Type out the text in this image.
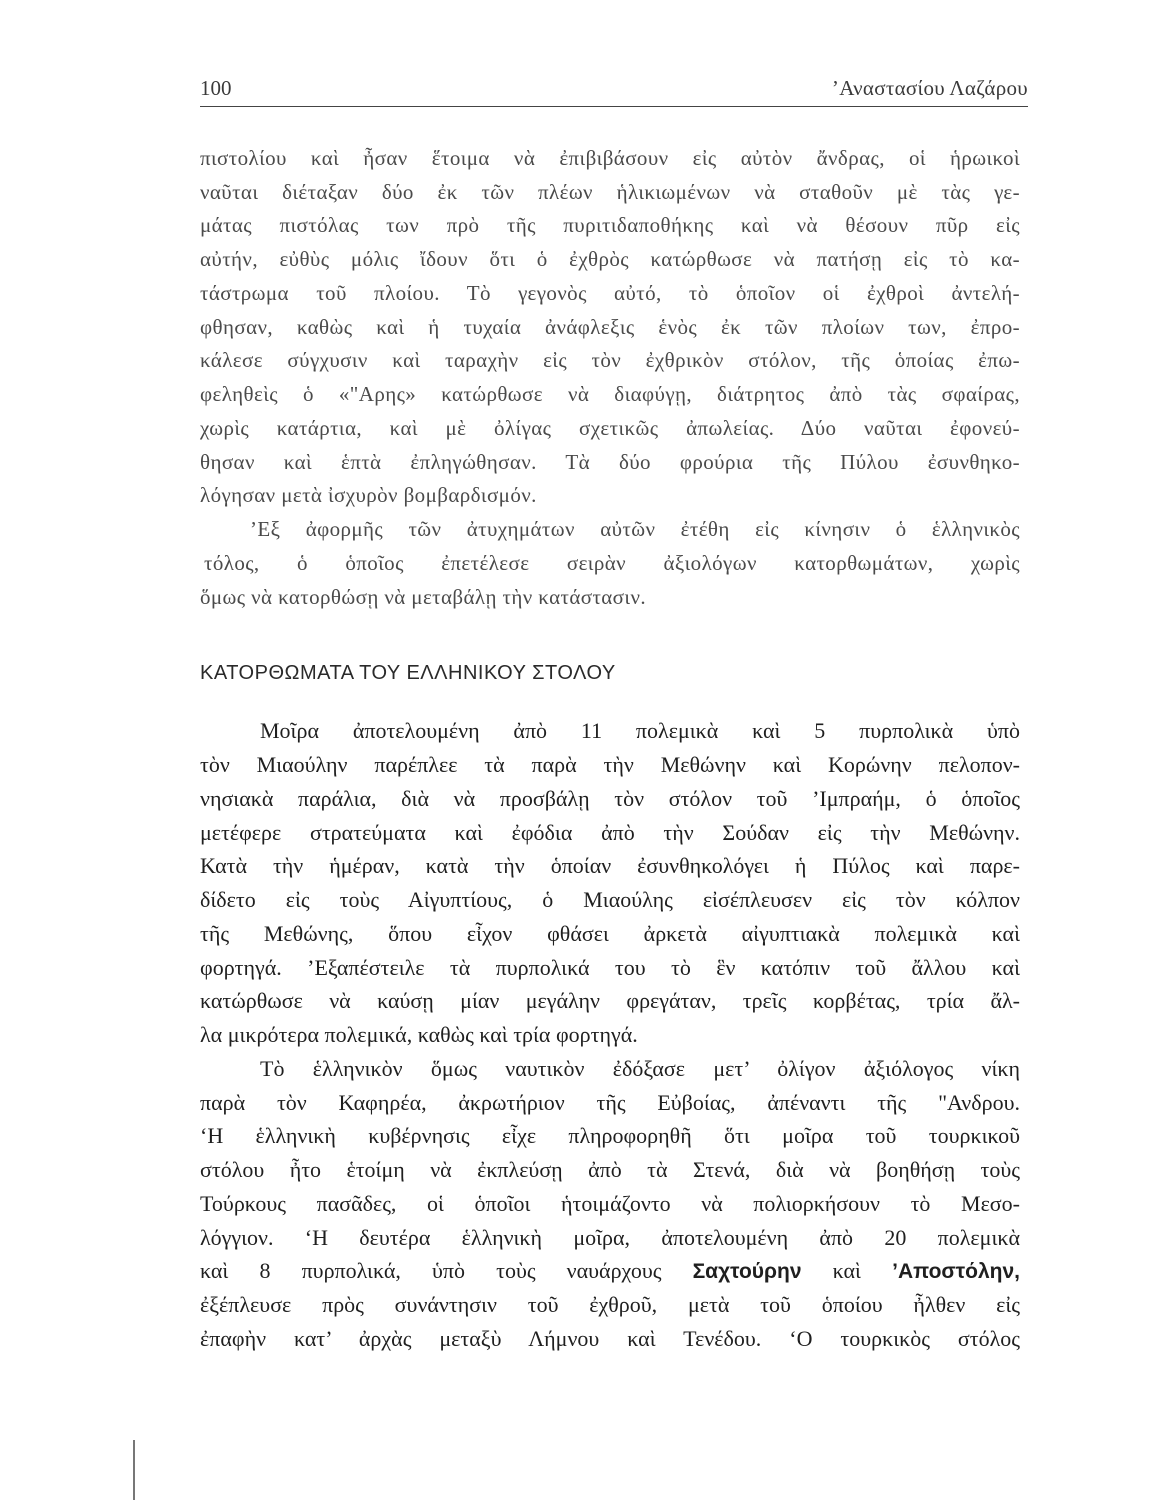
100	’Αναστασίου Λαζάρου
πιστολίου καὶ ἦσαν ἕτοιμα νὰ ἐπιβιβάσουν εἰς αὐτὸν ἄνδρας, οἱ ἡρωικοὶ
ναῦται διέταξαν δύο ἐκ τῶν πλέων ἡλικιωμένων νὰ σταθοῦν μὲ τὰς γε-
μάτας πιστόλας των πρὸ τῆς πυριτιδαποθήκης καὶ νὰ θέσουν πῦρ εἰς
αὐτήν, εὐθὺς μόλις ἴδουν ὅτι ὁ ἐχθρὸς κατώρθωσε νὰ πατήσῃ εἰς τὸ κα-
τάστρωμα τοῦ πλοίου. Τὸ γεγονὸς αὐτό, τὸ ὁποῖον οἱ ἐχθροὶ ἀντελή-
φθησαν, καθὼς καὶ ἡ τυχαία ἀνάφλεξις ἑνὸς ἐκ τῶν πλοίων των, ἐπρο-
κάλεσε σύγχυσιν καὶ ταραχὴν εἰς τὸν ἐχθρικὸν στόλον, τῆς ὁποίας ἐπω-
φεληθεὶς ὁ «"Αρης» κατώρθωσε νὰ διαφύγῃ, διάτρητος ἀπὸ τὰς σφαίρας,
χωρὶς κατάρτια, καὶ μὲ ὀλίγας σχετικῶς ἀπωλείας. Δύο ναῦται ἐφονεύ-
θησαν καὶ ἑπτὰ ἐπληγώθησαν. Τὰ δύο φρούρια τῆς Πύλου ἐσυνθηκο-
λόγησαν μετὰ ἰσχυρὸν βομβαρδισμόν.
’Εξ ἀφορμῆς τῶν ἀτυχημάτων αὐτῶν ἐτέθη εἰς κίνησιν ὁ ἑλληνικὸς
τόλος, ὁ ὁποῖος ἐπετέλεσε σειρὰν ἀξιολόγων κατορθωμάτων, χωρὶς
ὅμως νὰ κατορθώσῃ νὰ μεταβάλῃ τὴν κατάστασιν.
ΚΑΤΟΡΘΩΜΑΤΑ ΤΟΥ ΕΛΛΗΝΙΚΟΥ ΣΤΟΛΟΥ
Μοῖρα ἀποτελουμένη ἀπὸ 11 πολεμικὰ καὶ 5 πυρπολικὰ ὑπὸ
τὸν Μιαούλην παρέπλεε τὰ παρὰ τὴν Μεθώνην καὶ Κορώνην πελοπον-
νησιακὰ παράλια, διὰ νὰ προσβάλῃ τὸν στόλον τοῦ ’Ιμπραήμ, ὁ ὁποῖος
μετέφερε στρατεύματα καὶ ἐφόδια ἀπὸ τὴν Σούδαν εἰς τὴν Μεθώνην.
Κατὰ τὴν ἡμέραν, κατὰ τὴν ὁποίαν ἐσυνθηκολόγει ἡ Πύλος καὶ παρε-
δίδετο εἰς τοὺς Αἰγυπτίους, ὁ Μιαούλης εἰσέπλευσεν εἰς τὸν κόλπον
τῆς Μεθώνης, ὅπου εἶχον φθάσει ἀρκετὰ αἰγυπτιακὰ πολεμικὰ καὶ
φορτηγά. ’Εξαπέστειλε τὰ πυρπολικά του τὸ ἓν κατόπιν τοῦ ἄλλου καὶ
κατώρθωσε νὰ καύσῃ μίαν μεγάλην φρεγάταν, τρεῖς κορβέτας, τρία ἄλ-
λα μικρότερα πολεμικά, καθὼς καὶ τρία φορτηγά.
Τὸ ἑλληνικὸν ὅμως ναυτικὸν ἐδόξασε μετ’ ὀλίγον ἀξιόλογος νίκη
παρὰ τὸν Καφηρέα, ἀκρωτήριον τῆς Εὐβοίας, ἀπέναντι τῆς "Ανδρου.
‘Η ἑλληνικὴ κυβέρνησις εἶχε πληροφορηθῆ ὅτι μοῖρα τοῦ τουρκικοῦ
στόλου ἦτο ἑτοίμη νὰ ἐκπλεύσῃ ἀπὸ τὰ Στενά, διὰ νὰ βοηθήσῃ τοὺς
Τούρκους πασᾶδες, οἱ ὁποῖοι ἡτοιμάζοντο νὰ πολιορκήσουν τὸ Μεσο-
λόγγιον. ‘Η δευτέρα ἑλληνικὴ μοῖρα, ἀποτελουμένη ἀπὸ 20 πολεμικὰ
καὶ 8 πυρπολικά, ὑπὸ τοὺς ναυάρχους Σαχτούρην καὶ ’Αποστόλην,
ἐξέπλευσε πρὸς συνάντησιν τοῦ ἐχθροῦ, μετὰ τοῦ ὁποίου ἦλθεν εἰς
ἐπαφὴν κατ’ ἀρχὰς μεταξὺ Λήμνου καὶ Τενέδου. ‘Ο τουρκικὸς στόλος
